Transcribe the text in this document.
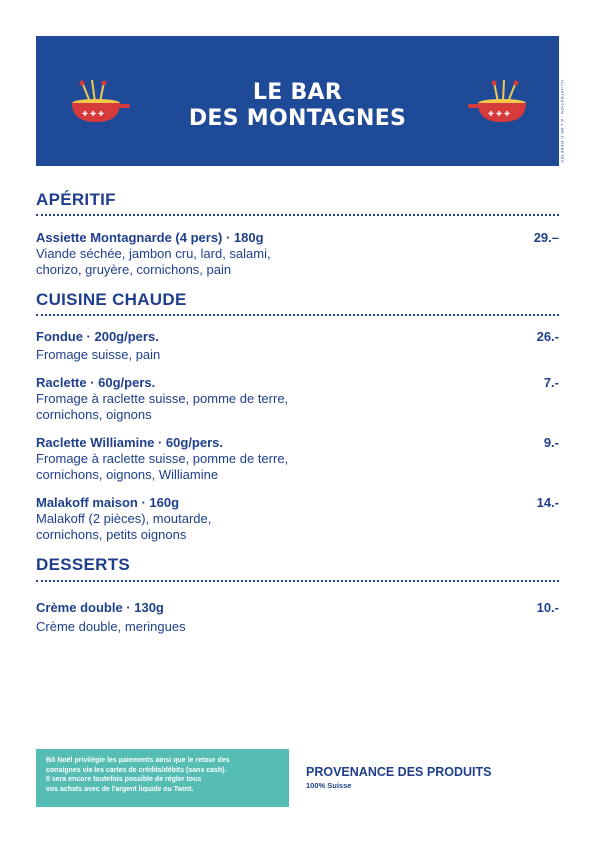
✚ ✚ ✚	✚ ✚ ✚
LE BAR
DES MONTAGNES	ILLUSTRATION : A.L.BE.C.REBETEZ
APÉRITIF
Assiette Montagnarde (4 pers) · 180g	29.–
Viande séchée, jambon cru, lard, salami,
chorizo, gruyère, cornichons, pain
CUISINE CHAUDE
Fondue · 200g/pers.	26.-
Fromage suisse, pain
Raclette · 60g/pers.	7.-
Fromage à raclette suisse, pomme de terre,
cornichons, oignons
Raclette Williamine · 60g/pers.	9.-
Fromage à raclette suisse, pomme de terre,
cornichons, oignons, Williamine
Malakoff maison · 160g	14.-
Malakoff (2 pièces), moutarde,
cornichons, petits oignons
DESSERTS
Crème double · 130g	10.-
Crème double, meringues
Bô Noël privilégie les paiements ainsi que le retour des
consignes via les cartes de crédits/débits (sans cash).
Il sera encore toutefois possible de régler tous
vos achats avec de l'argent liquide ou Twint.
PROVENANCE DES PRODUITS
100% Suisse
